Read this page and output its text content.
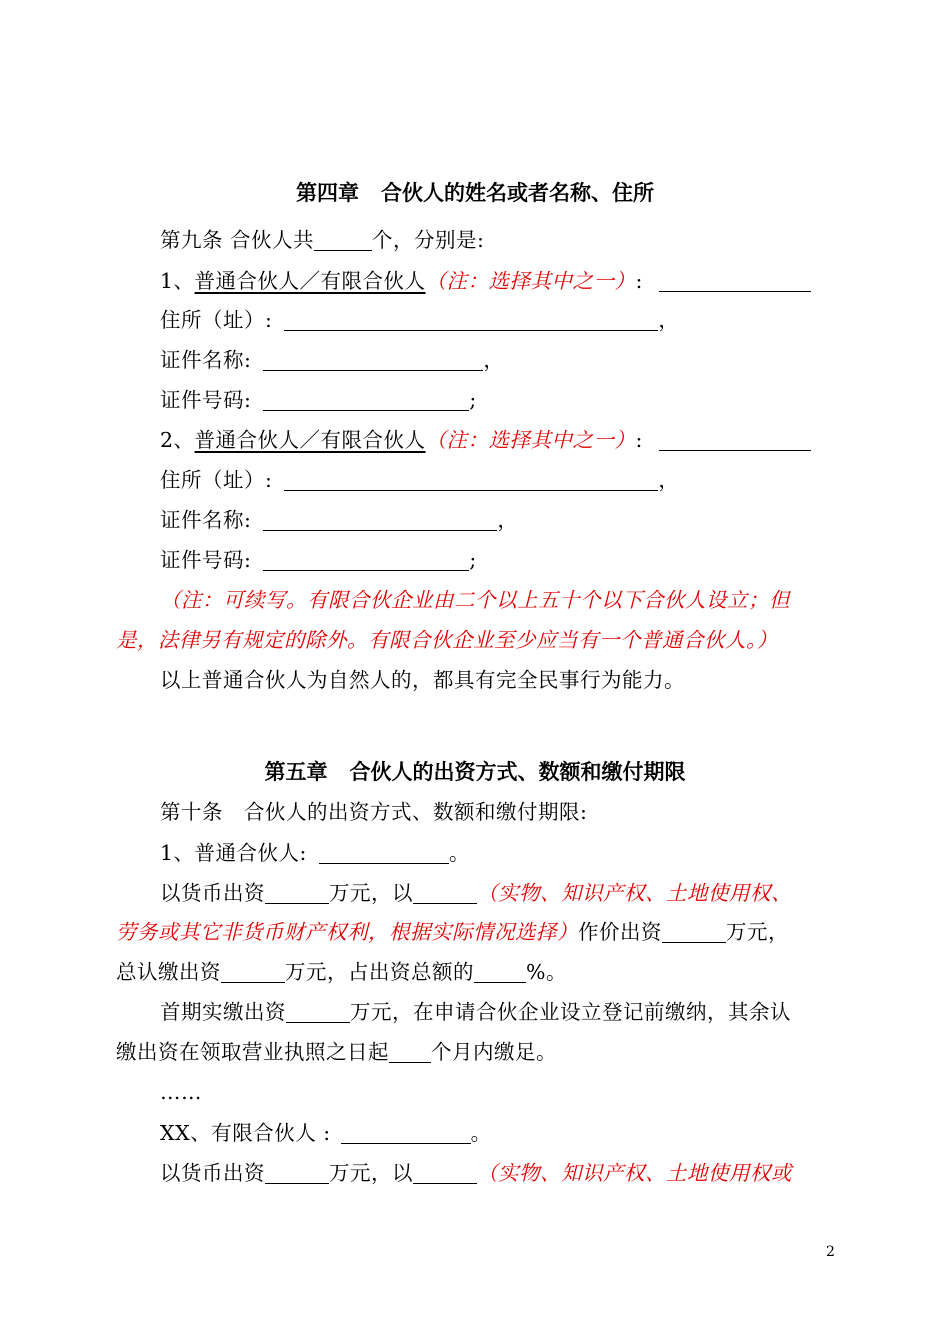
第四章 合伙人的姓名或者名称、住所
第九条 合伙人共	个，分别是:
1、普通合伙人／有限合伙人（注：选择其中之一）:
住所（址）:	，
证件名称:	，
证件号码:	;
2、普通合伙人／有限合伙人（注：选择其中之一）:
住所（址）:	，
证件名称:	，
证件号码:	;
（注：可续写。有限合伙企业由二个以上五十个以下合伙人设立；但
是，法律另有规定的除外。有限合伙企业至少应当有一个普通合伙人。）
以上普通合伙人为自然人的，都具有完全民事行为能力。
第五章 合伙人的出资方式、数额和缴付期限
第十条　合伙人的出资方式、数额和缴付期限:
1、普通合伙人:	。
以货币出资	万元，以	（实物、知识产权、土地使用权、
劳务或其它非货币财产权利，根据实际情况选择）作价出资	万元，
总认缴出资	万元，占出资总额的	%。
首期实缴出资	万元，在申请合伙企业设立登记前缴纳，其余认
缴出资在领取营业执照之日起 个月内缴足。
……
XX、有限合伙人 :	。
以货币出资	万元，以	（实物、知识产权、土地使用权或
2
